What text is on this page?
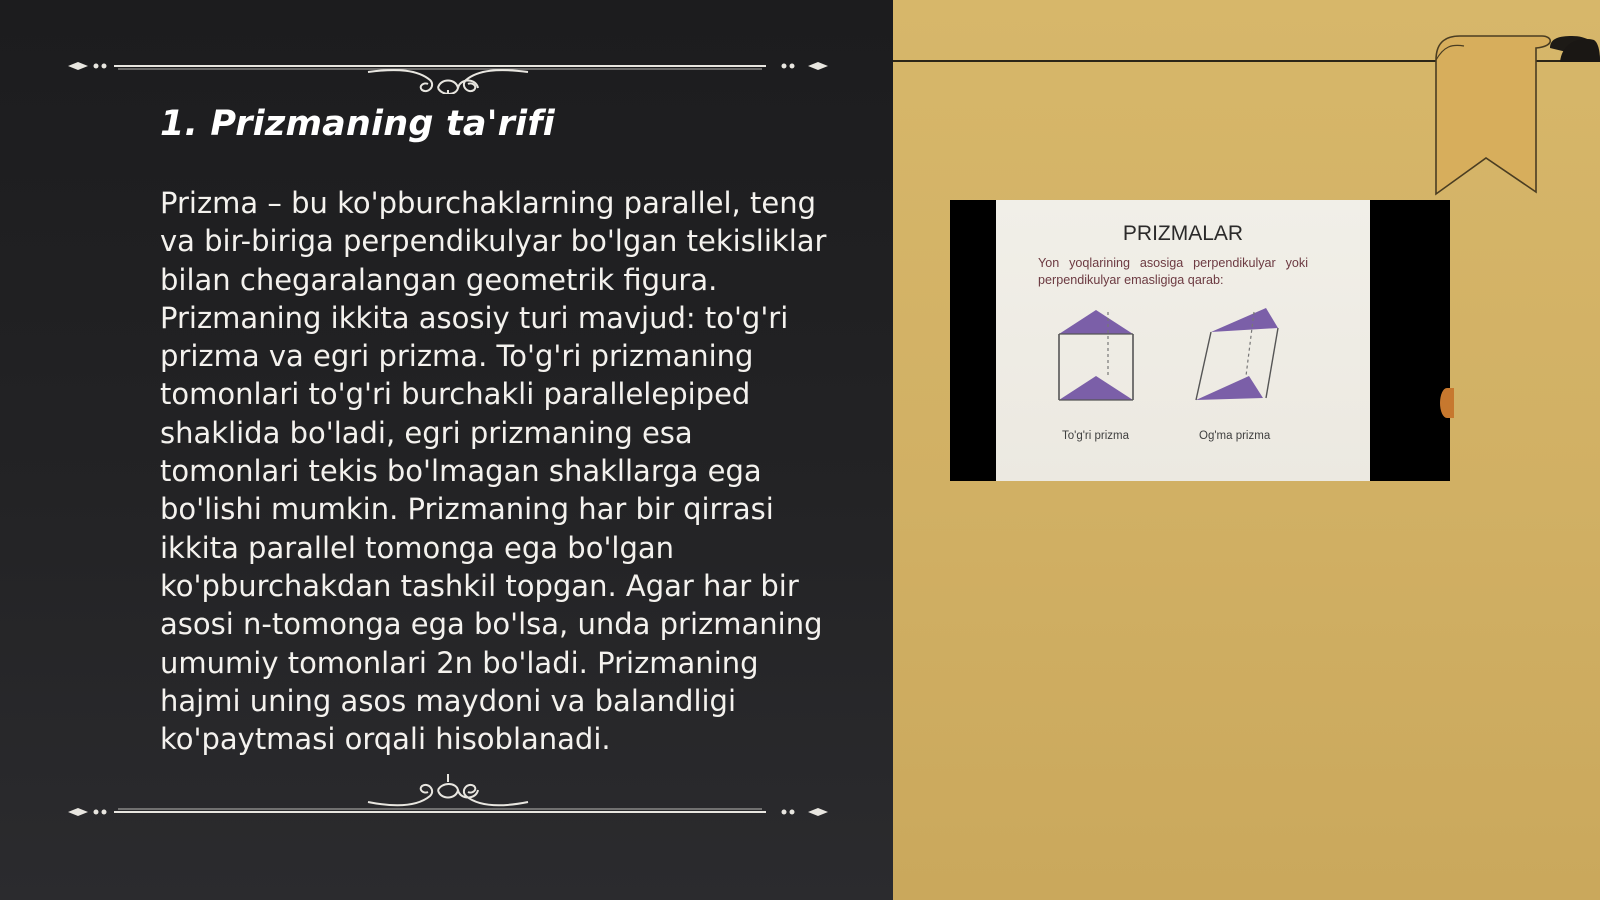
1. Prizmaning ta'rifi

Prizma – bu ko'pburchaklarning parallel, teng va bir-biriga perpendikulyar bo'lgan tekisliklar bilan chegaralangan geometrik figura. Prizmaning ikkita asosiy turi mavjud: to'g'ri prizma va egri prizma. To'g'ri prizmaning tomonlari to'g'ri burchakli parallelepiped shaklida bo'ladi, egri prizmaning esa tomonlari tekis bo'lmagan shakllarga ega bo'lishi mumkin. Prizmaning har bir qirrasi ikkita parallel tomonga ega bo'lgan ko'pburchakdan tashkil topgan. Agar har bir asosi n-tomonga ega bo'lsa, unda prizmaning umumiy tomonlari 2n bo'ladi. Prizmaning hajmi uning asos maydoni va balandligi ko'paytmasi orqali hisoblanadi.

PRIZMALAR
Yon yoqlarining asosiga perpendikulyar yoki perpendikulyar emasligiga qarab:
To'g'ri prizma	Og'ma prizma
